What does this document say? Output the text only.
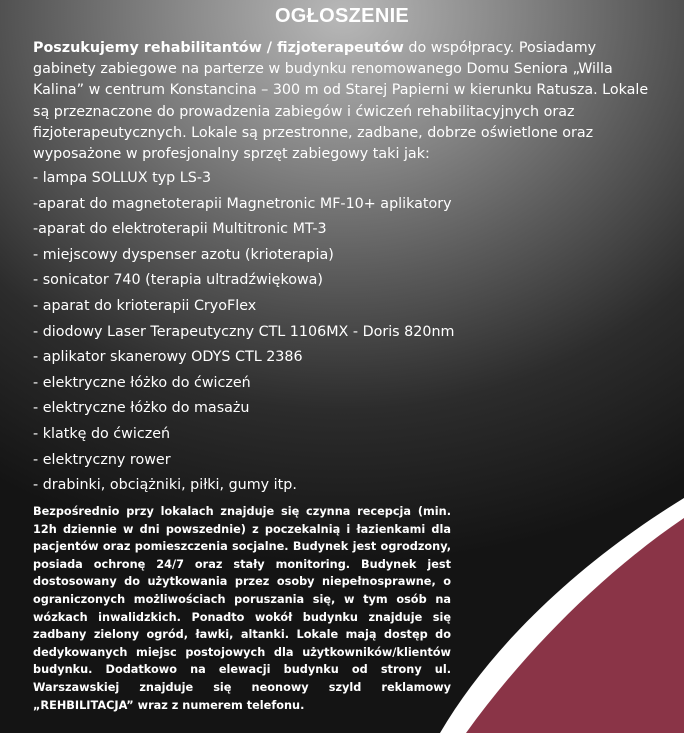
OGŁOSZENIE

Poszukujemy rehabilitantów / fizjoterapeutów do współpracy. Posiadamy gabinety zabiegowe na parterze w budynku renomowanego Domu Seniora „Willa Kalina” w centrum Konstancina – 300 m od Starej Papierni w kierunku Ratusza. Lokale są przeznaczone do prowadzenia zabiegów i ćwiczeń rehabilitacyjnych oraz fizjoterapeutycznych. Lokale są przestronne, zadbane, dobrze oświetlone oraz wyposażone w profesjonalny sprzęt zabiegowy taki jak:

- lampa SOLLUX typ LS-3
-aparat do magnetoterapii Magnetronic MF-10+ aplikatory
-aparat do elektroterapii Multitronic MT-3
- miejscowy dyspenser azotu (krioterapia)
- sonicator 740 (terapia ultradźwiękowa)
- aparat do krioterapii CryoFlex
- diodowy Laser Terapeutyczny CTL 1106MX - Doris 820nm
- aplikator skanerowy ODYS CTL 2386
- elektryczne łóżko do ćwiczeń
- elektryczne łóżko do masażu
- klatkę do ćwiczeń
- elektryczny rower
- drabinki, obciążniki, piłki, gumy itp.

Bezpośrednio przy lokalach znajduje się czynna recepcja (min. 12h dziennie w dni powszednie) z poczekalnią i łazienkami dla pacjentów oraz pomieszczenia socjalne. Budynek jest ogrodzony, posiada ochronę 24/7 oraz stały monitoring. Budynek jest dostosowany do użytkowania przez osoby niepełnosprawne, o ograniczonych możliwościach poruszania się, w tym osób na wózkach inwalidzkich. Ponadto wokół budynku znajduje się zadbany zielony ogród, ławki, altanki. Lokale mają dostęp do dedykowanych miejsc postojowych dla użytkowników/klientów budynku. Dodatkowo na elewacji budynku od strony ul. Warszawskiej znajduje się neonowy szyld reklamowy „REHBILITACJA” wraz z numerem telefonu.
